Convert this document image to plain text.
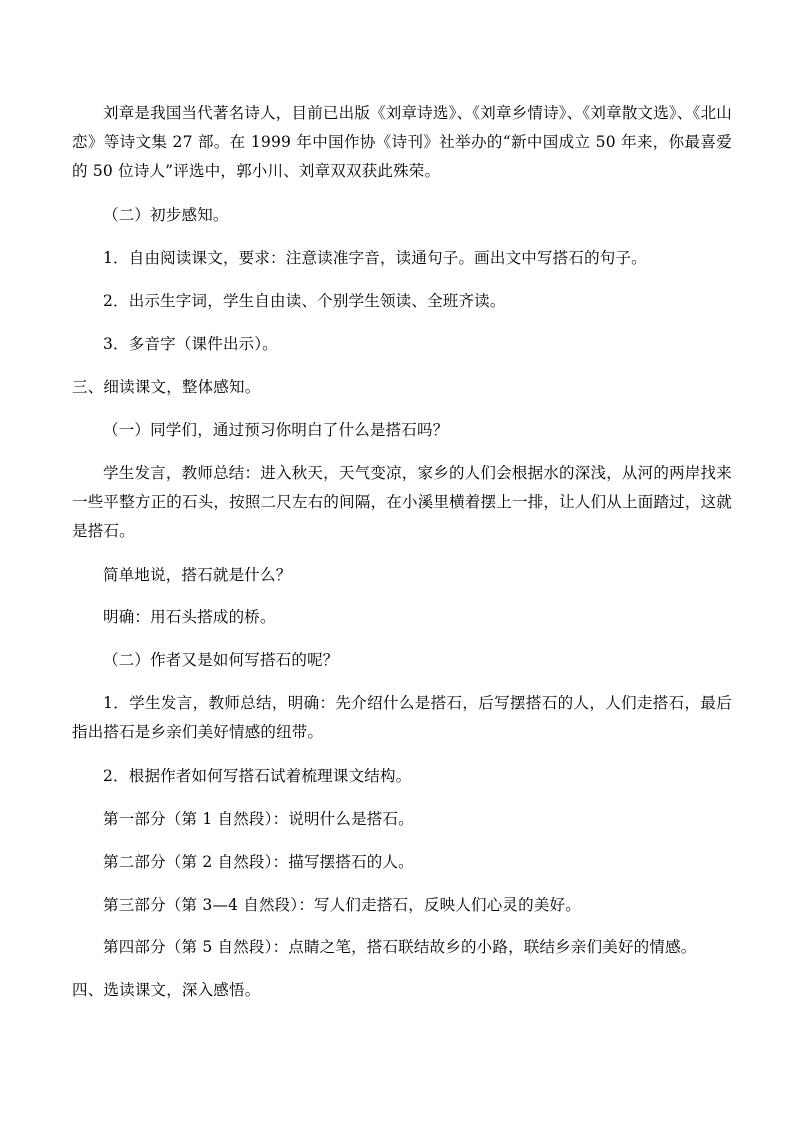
刘章是我国当代著名诗人，目前已出版《刘章诗选》、《刘章乡情诗》、《刘章散文选》、《北山恋》等诗文集 27 部。在 1999 年中国作协《诗刊》社举办的“新中国成立 50 年来，你最喜爱的 50 位诗人”评选中，郭小川、刘章双双获此殊荣。

（二）初步感知。

1．自由阅读课文，要求：注意读准字音，读通句子。画出文中写搭石的句子。

2．出示生字词，学生自由读、个别学生领读、全班齐读。

3．多音字（课件出示）。

三、细读课文，整体感知。

（一）同学们，通过预习你明白了什么是搭石吗？

学生发言，教师总结：进入秋天，天气变凉，家乡的人们会根据水的深浅，从河的两岸找来一些平整方正的石头，按照二尺左右的间隔，在小溪里横着摆上一排，让人们从上面踏过，这就是搭石。

简单地说，搭石就是什么？

明确：用石头搭成的桥。

（二）作者又是如何写搭石的呢？

1．学生发言，教师总结，明确：先介绍什么是搭石，后写摆搭石的人，人们走搭石，最后指出搭石是乡亲们美好情感的纽带。

2．根据作者如何写搭石试着梳理课文结构。

第一部分（第 1 自然段）：说明什么是搭石。

第二部分（第 2 自然段）：描写摆搭石的人。

第三部分（第 3—4 自然段）：写人们走搭石，反映人们心灵的美好。

第四部分（第 5 自然段）：点睛之笔，搭石联结故乡的小路，联结乡亲们美好的情感。

四、选读课文，深入感悟。
